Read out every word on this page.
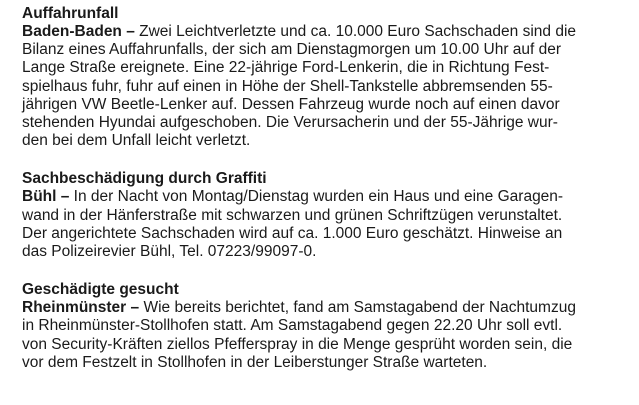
Auffahrunfall

Baden-Baden – Zwei Leichtverletzte und ca. 10.000 Euro Sachschaden sind die

Bilanz eines Auffahrunfalls, der sich am Dienstagmorgen um 10.00 Uhr auf der

Lange Straße ereignete. Eine 22-jährige Ford-Lenkerin, die in Richtung Fest-

spielhaus fuhr, fuhr auf einen in Höhe der Shell-Tankstelle abbremsenden 55-

jährigen VW Beetle-Lenker auf. Dessen Fahrzeug wurde noch auf einen davor

stehenden Hyundai aufgeschoben. Die Verursacherin und der 55-Jährige wur-

den bei dem Unfall leicht verletzt.

Sachbeschädigung durch Graffiti

Bühl – In der Nacht von Montag/Dienstag wurden ein Haus und eine Garagen-

wand in der Hänferstraße mit schwarzen und grünen Schriftzügen verunstaltet.

Der angerichtete Sachschaden wird auf ca. 1.000 Euro geschätzt. Hinweise an

das Polizeirevier Bühl, Tel. 07223/99097-0.

Geschädigte gesucht

Rheinmünster – Wie bereits berichtet, fand am Samstagabend der Nachtumzug

in Rheinmünster-Stollhofen statt. Am Samstagabend gegen 22.20 Uhr soll evtl.

von Security-Kräften ziellos Pfefferspray in die Menge gesprüht worden sein, die

vor dem Festzelt in Stollhofen in der Leiberstunger Straße warteten.
